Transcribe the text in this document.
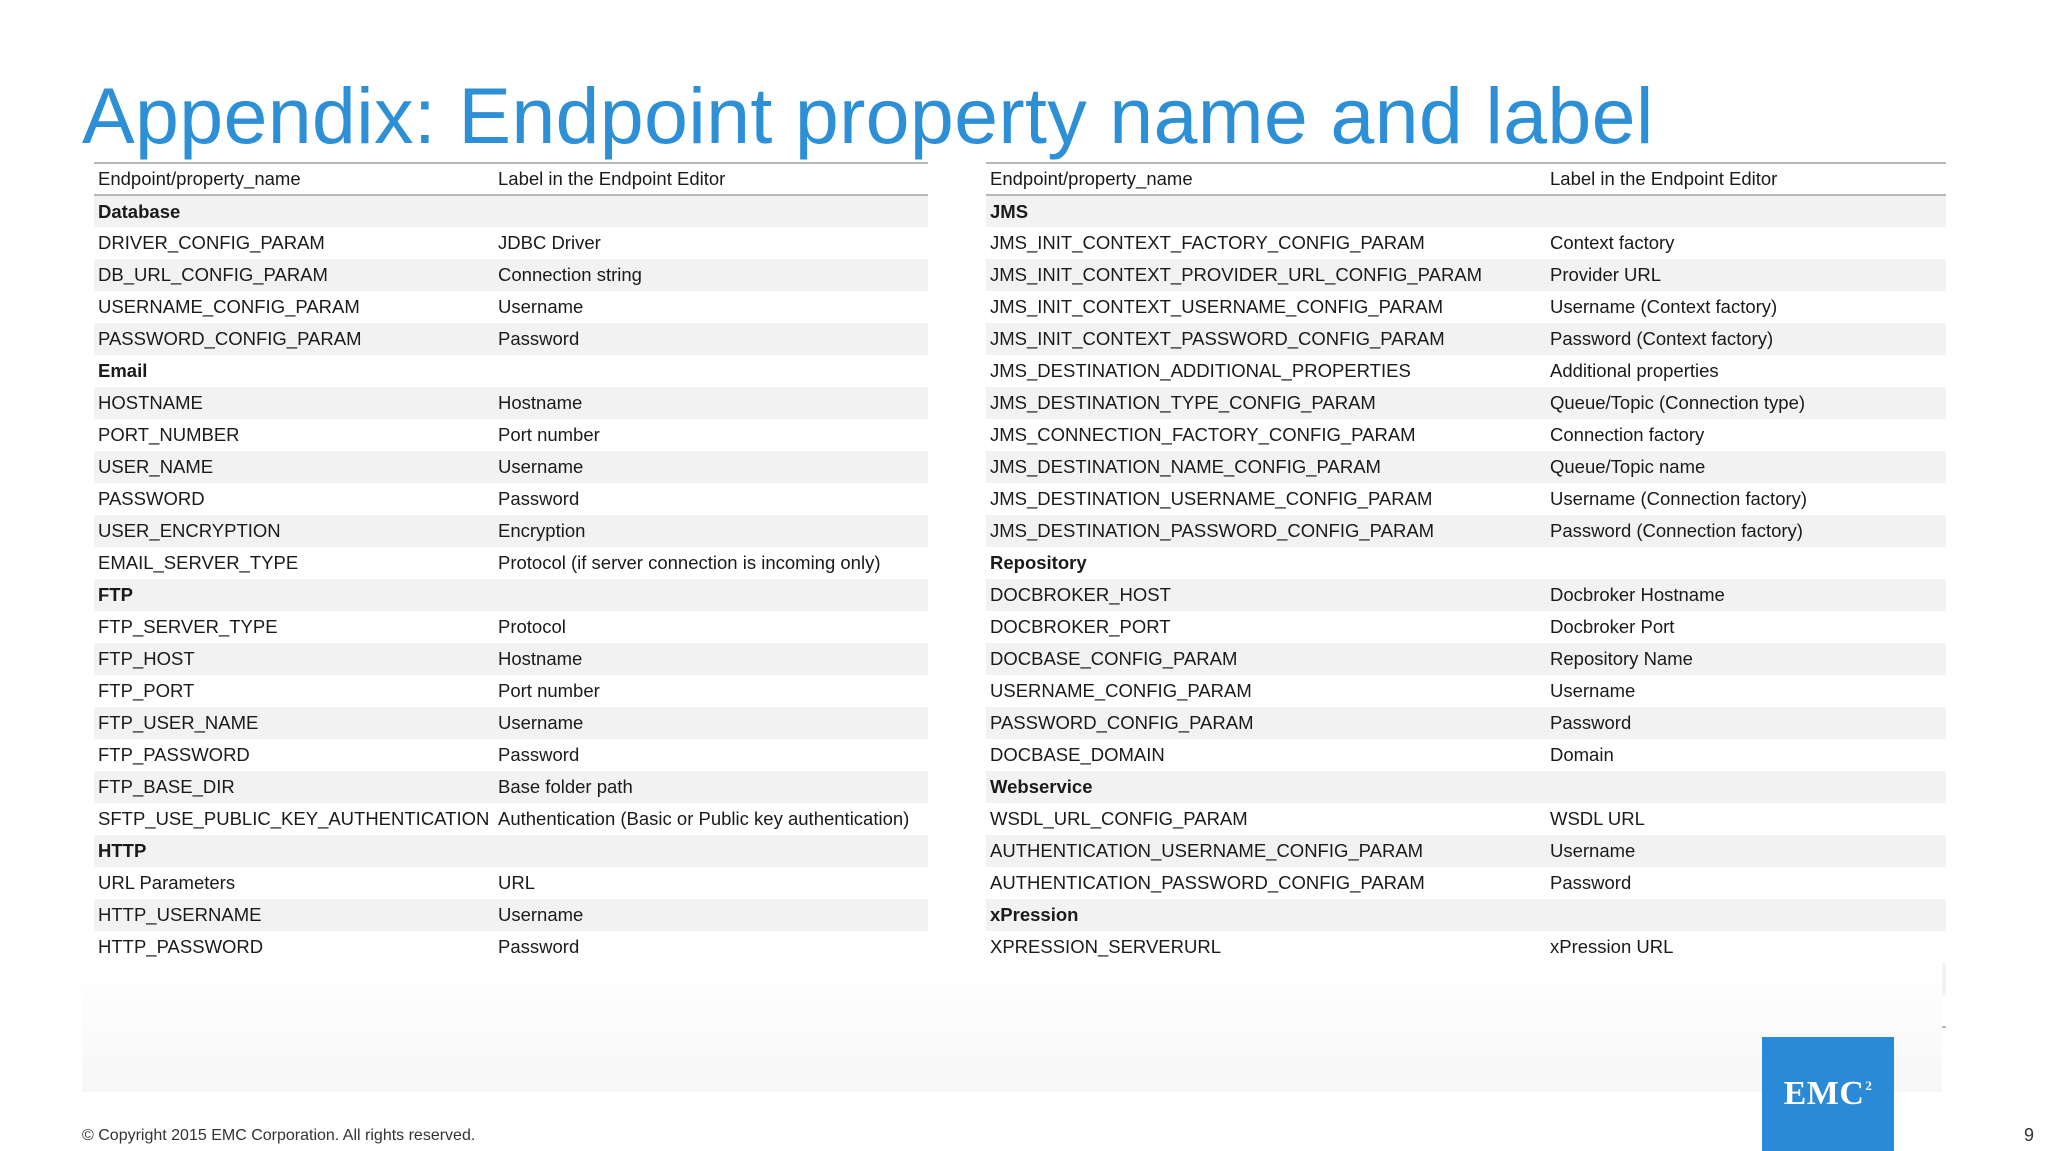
Appendix: Endpoint property name and label
Endpoint/property_name	Label in the Endpoint Editor
Database	
DRIVER_CONFIG_PARAM	JDBC Driver
DB_URL_CONFIG_PARAM	Connection string
USERNAME_CONFIG_PARAM	Username
PASSWORD_CONFIG_PARAM	Password
Email	
HOSTNAME	Hostname
PORT_NUMBER	Port number
USER_NAME	Username
PASSWORD	Password
USER_ENCRYPTION	Encryption
EMAIL_SERVER_TYPE	Protocol (if server connection is incoming only)
FTP	
FTP_SERVER_TYPE	Protocol
FTP_HOST	Hostname
FTP_PORT	Port number
FTP_USER_NAME	Username
FTP_PASSWORD	Password
FTP_BASE_DIR	Base folder path
SFTP_USE_PUBLIC_KEY_AUTHENTICATION	Authentication (Basic or Public key authentication)
HTTP	
URL Parameters	URL
HTTP_USERNAME	Username
HTTP_PASSWORD	Password
Endpoint/property_name	Label in the Endpoint Editor
JMS	
JMS_INIT_CONTEXT_FACTORY_CONFIG_PARAM	Context factory
JMS_INIT_CONTEXT_PROVIDER_URL_CONFIG_PARAM	Provider URL
JMS_INIT_CONTEXT_USERNAME_CONFIG_PARAM	Username (Context factory)
JMS_INIT_CONTEXT_PASSWORD_CONFIG_PARAM	Password (Context factory)
JMS_DESTINATION_ADDITIONAL_PROPERTIES	Additional properties
JMS_DESTINATION_TYPE_CONFIG_PARAM	Queue/Topic (Connection type)
JMS_CONNECTION_FACTORY_CONFIG_PARAM	Connection factory
JMS_DESTINATION_NAME_CONFIG_PARAM	Queue/Topic name
JMS_DESTINATION_USERNAME_CONFIG_PARAM	Username (Connection factory)
JMS_DESTINATION_PASSWORD_CONFIG_PARAM	Password (Connection factory)
Repository	
DOCBROKER_HOST	Docbroker Hostname
DOCBROKER_PORT	Docbroker Port
DOCBASE_CONFIG_PARAM	Repository Name
USERNAME_CONFIG_PARAM	Username
PASSWORD_CONFIG_PARAM	Password
DOCBASE_DOMAIN	Domain
Webservice	
WSDL_URL_CONFIG_PARAM	WSDL URL
AUTHENTICATION_USERNAME_CONFIG_PARAM	Username
AUTHENTICATION_PASSWORD_CONFIG_PARAM	Password
xPression	
XPRESSION_SERVERURL	xPression URL

EMC$^2$
© Copyright 2015 EMC Corporation. All rights reserved.	9
